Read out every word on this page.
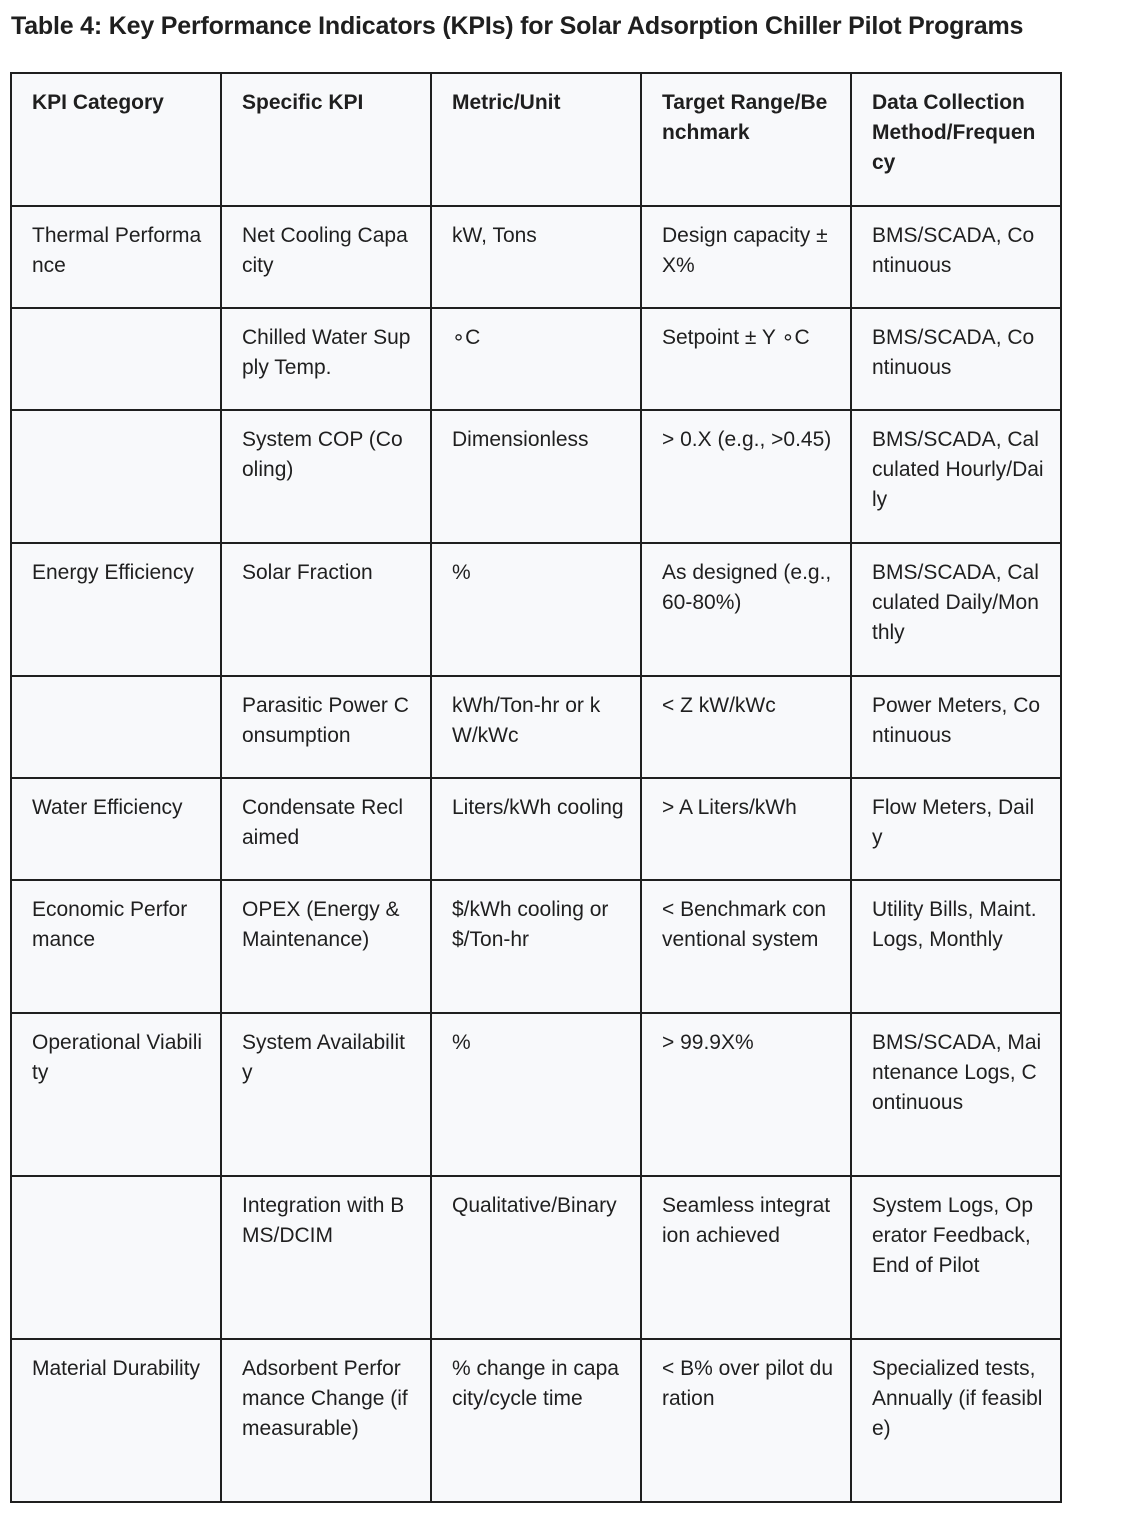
Table 4: Key Performance Indicators (KPIs) for Solar Adsorption Chiller Pilot Programs
KPI Category	Specific KPI	Metric/Unit	Target Range/Benchmark	Data Collection Method/Frequency
Thermal Performance	Net Cooling Capacity	kW, Tons	Design capacity ± X%	BMS/SCADA, Continuous
	Chilled Water Supply Temp.	∘C	Setpoint ± Y ∘C	BMS/SCADA, Continuous
	System COP (Cooling)	Dimensionless	> 0.X (e.g., >0.45)	BMS/SCADA, Calculated Hourly/Daily
Energy Efficiency	Solar Fraction	%	As designed (e.g., 60-80%)	BMS/SCADA, Calculated Daily/Monthly
	Parasitic Power Consumption	kWh/Ton-hr or kW/kWc	< Z kW/kWc	Power Meters, Continuous
Water Efficiency	Condensate Reclaimed	Liters/kWh cooling	> A Liters/kWh	Flow Meters, Daily
Economic Performance	OPEX (Energy & Maintenance)	$/kWh cooling or $/Ton-hr	< Benchmark conventional system	Utility Bills, Maint. Logs, Monthly
Operational Viability	System Availability	%	> 99.9X%	BMS/SCADA, Maintenance Logs, Continuous
	Integration with BMS/DCIM	Qualitative/Binary	Seamless integration achieved	System Logs, Operator Feedback, End of Pilot
Material Durability	Adsorbent Performance Change (if measurable)	% change in capacity/cycle time	< B% over pilot duration	Specialized tests, Annually (if feasible)
